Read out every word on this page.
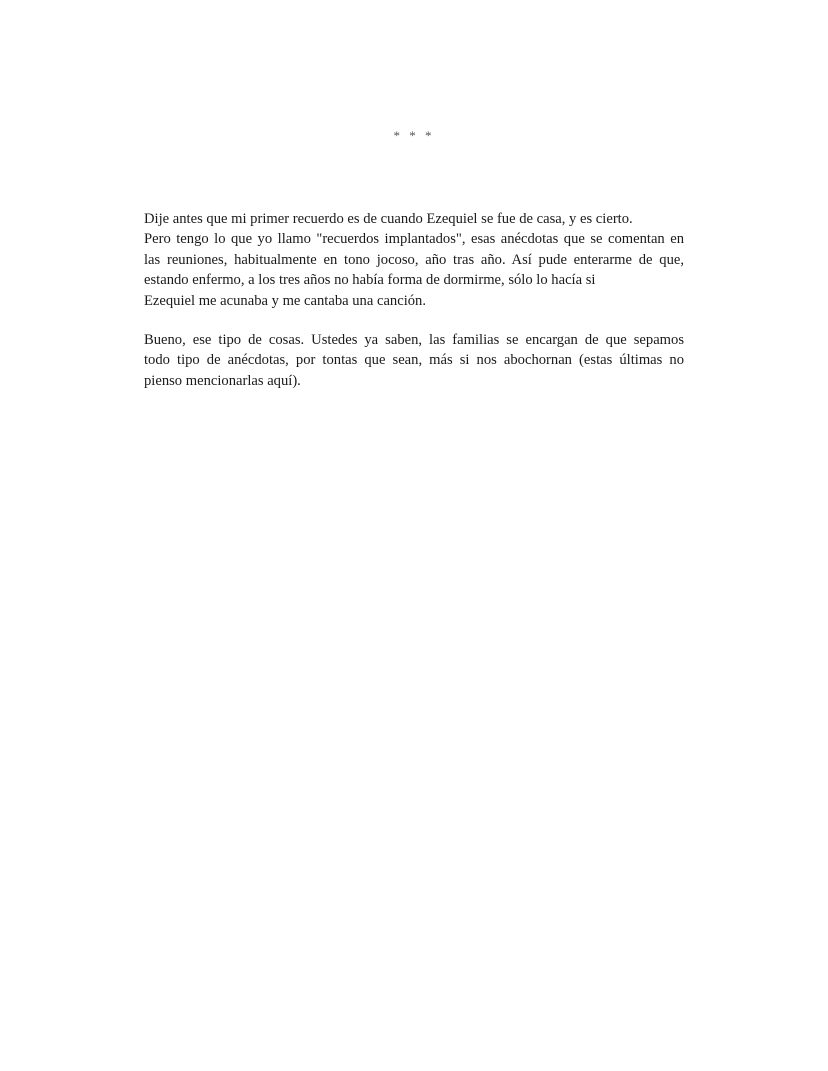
* * *
Dije antes que mi primer recuerdo es de cuando Ezequiel se fue de casa, y es cierto.
Pero tengo lo que yo llamo "recuerdos implantados", esas anécdotas que se comentan en
las reuniones, habitualmente en tono jocoso, año tras año. Así pude enterarme de que,
estando enfermo, a los tres años no había forma de dormirme, sólo lo hacía si
Ezequiel me acunaba y me cantaba una canción.
Bueno, ese tipo de cosas. Ustedes ya saben, las familias se encargan de que sepamos
todo tipo de anécdotas, por tontas que sean, más si nos abochornan (estas últimas no
pienso mencionarlas aquí).
